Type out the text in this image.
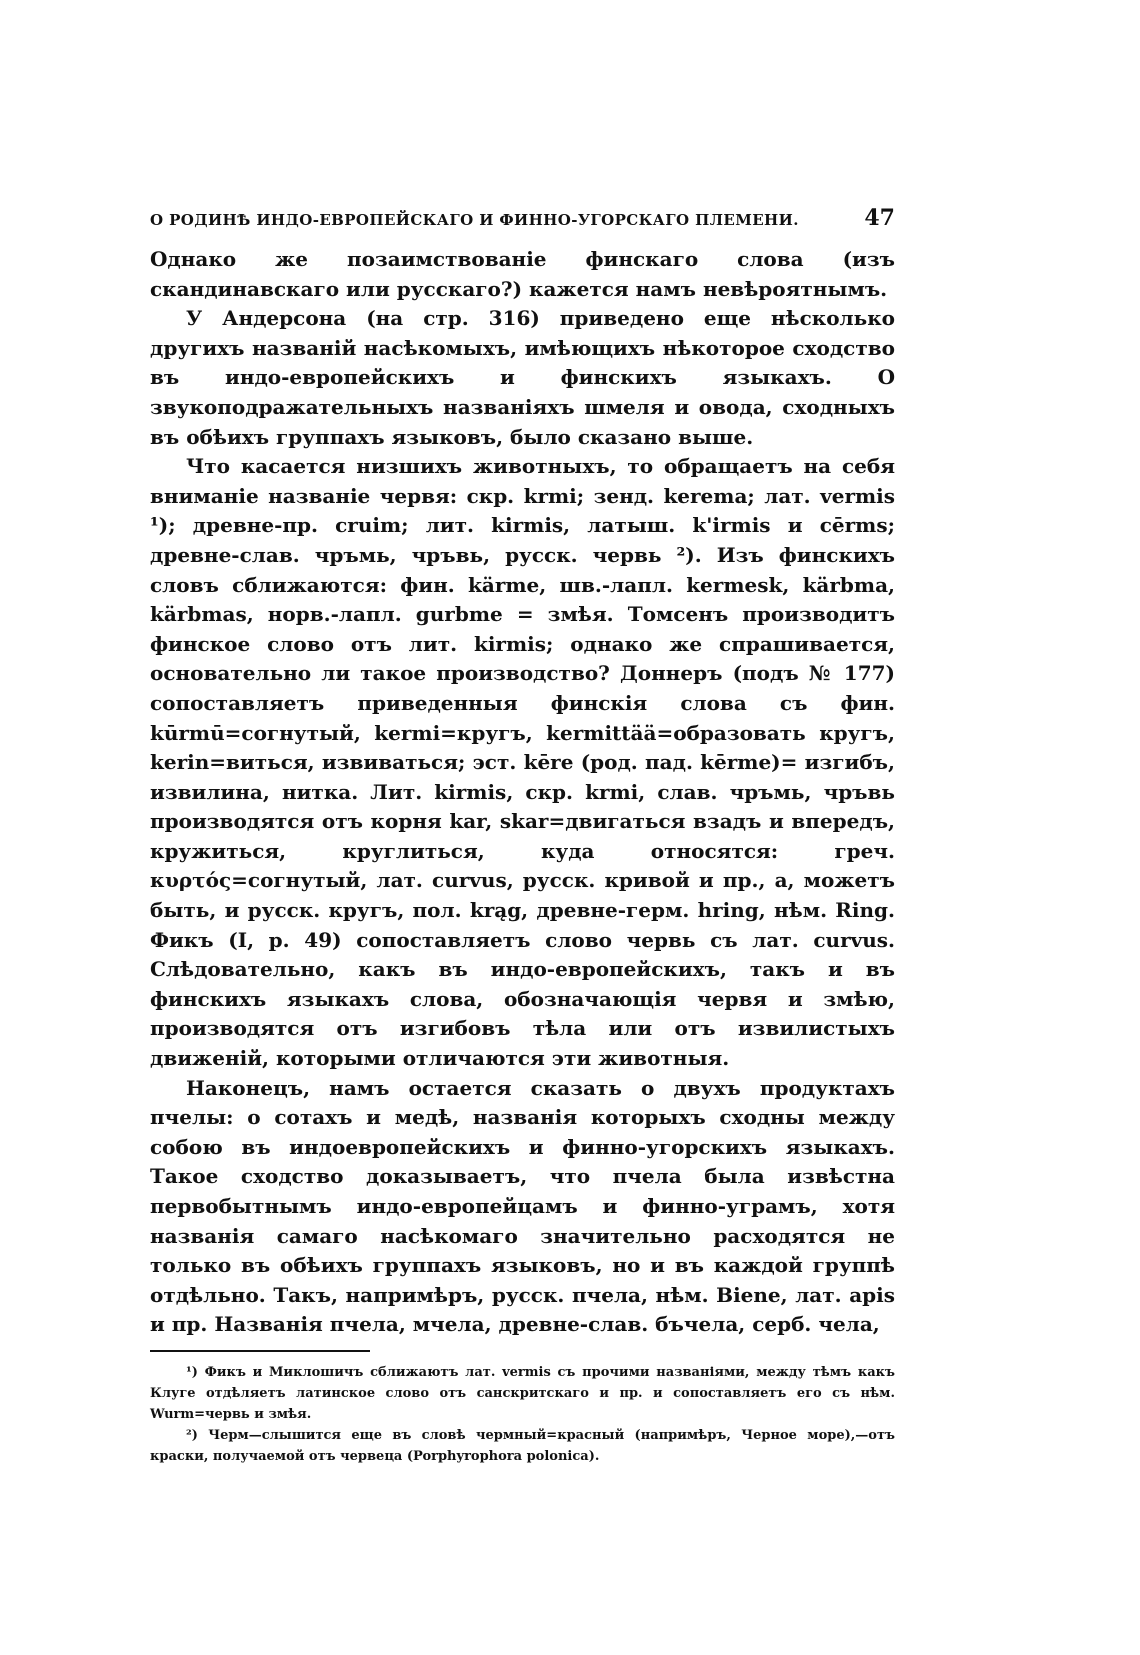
О РОДИНѢ ИНДО-ЕВРОПЕЙСКАГО И ФИННО-УГОРСКАГО ПЛЕМЕНИ.	47

Однако же позаимствованіе финскаго слова (изъ скандинавскаго или русскаго?) кажется намъ невѣроятнымъ.

У Андерсона (на стр. 316) приведено еще нѣсколько другихъ названій насѣкомыхъ, имѣющихъ нѣкоторое сходство въ индо-европейскихъ и финскихъ языкахъ. О звукоподражательныхъ названіяхъ шмеля и овода, сходныхъ въ обѣихъ группахъ языковъ, было сказано выше.

Что касается низшихъ животныхъ, то обращаетъ на себя вниманіе названіе червя: скр. krmi; зенд. kerema; лат. vermis ¹); древне-пр. cruim; лит. kirmis, латыш. k'irmis и cērms; древне-слав. чръмь, чръвь, русск. червь ²). Изъ финскихъ словъ сближаются: фин. kärme, шв.-лапл. kermesk, kärbma, kärbmas, норв.-лапл. gurbme = змѣя. Томсенъ производитъ финское слово отъ лит. kirmis; однако же спрашивается, основательно ли такое производство? Доннеръ (подъ № 177) сопоставляетъ приведенныя финскія слова съ фин. kūrmū=согнутый, kermi=кругъ, kermittää=образовать кругъ, kerin=виться, извиваться; эст. kēre (род. пад. kērme)= изгибъ, извилина, нитка. Лит. kirmis, скр. krmi, слав. чръмь, чръвь производятся отъ корня kar, skar=двигаться взадъ и впередъ, кружиться, круглиться, куда относятся: греч. κυρτός=согнутый, лат. curvus, русск. кривой и пр., а, можетъ быть, и русск. кругъ, пол. krąg, древне-герм. hring, нѣм. Ring. Фикъ (I, p. 49) сопоставляетъ слово червь съ лат. curvus. Слѣдовательно, какъ въ индо-европейскихъ, такъ и въ финскихъ языкахъ слова, обозначающія червя и змѣю, производятся отъ изгибовъ тѣла или отъ извилистыхъ движеній, которыми отличаются эти животныя.

Наконецъ, намъ остается сказать о двухъ продуктахъ пчелы: о сотахъ и медѣ, названія которыхъ сходны между собою въ индоевропейскихъ и финно-угорскихъ языкахъ. Такое сходство доказываетъ, что пчела была извѣстна первобытнымъ индо-европейцамъ и финно-уграмъ, хотя названія самаго насѣкомаго значительно расходятся не только въ обѣихъ группахъ языковъ, но и въ каждой группѣ отдѣльно. Такъ, напримѣръ, русск. пчела, нѣм. Biene, лат. apis и пр. Названія пчела, мчела, древне-слав. бъчела, серб. чела,

¹) Фикъ и Миклошичъ сближаютъ лат. vermis съ прочими названіями, между тѣмъ какъ Клуге отдѣляетъ латинское слово отъ санскритскаго и пр. и сопоставляетъ его съ нѣм. Wurm=червь и змѣя.

²) Черм—слышится еще въ словѣ чермный=красный (напримѣръ, Черное море),—отъ краски, получаемой отъ червеца (Porphyrophora polonica).
